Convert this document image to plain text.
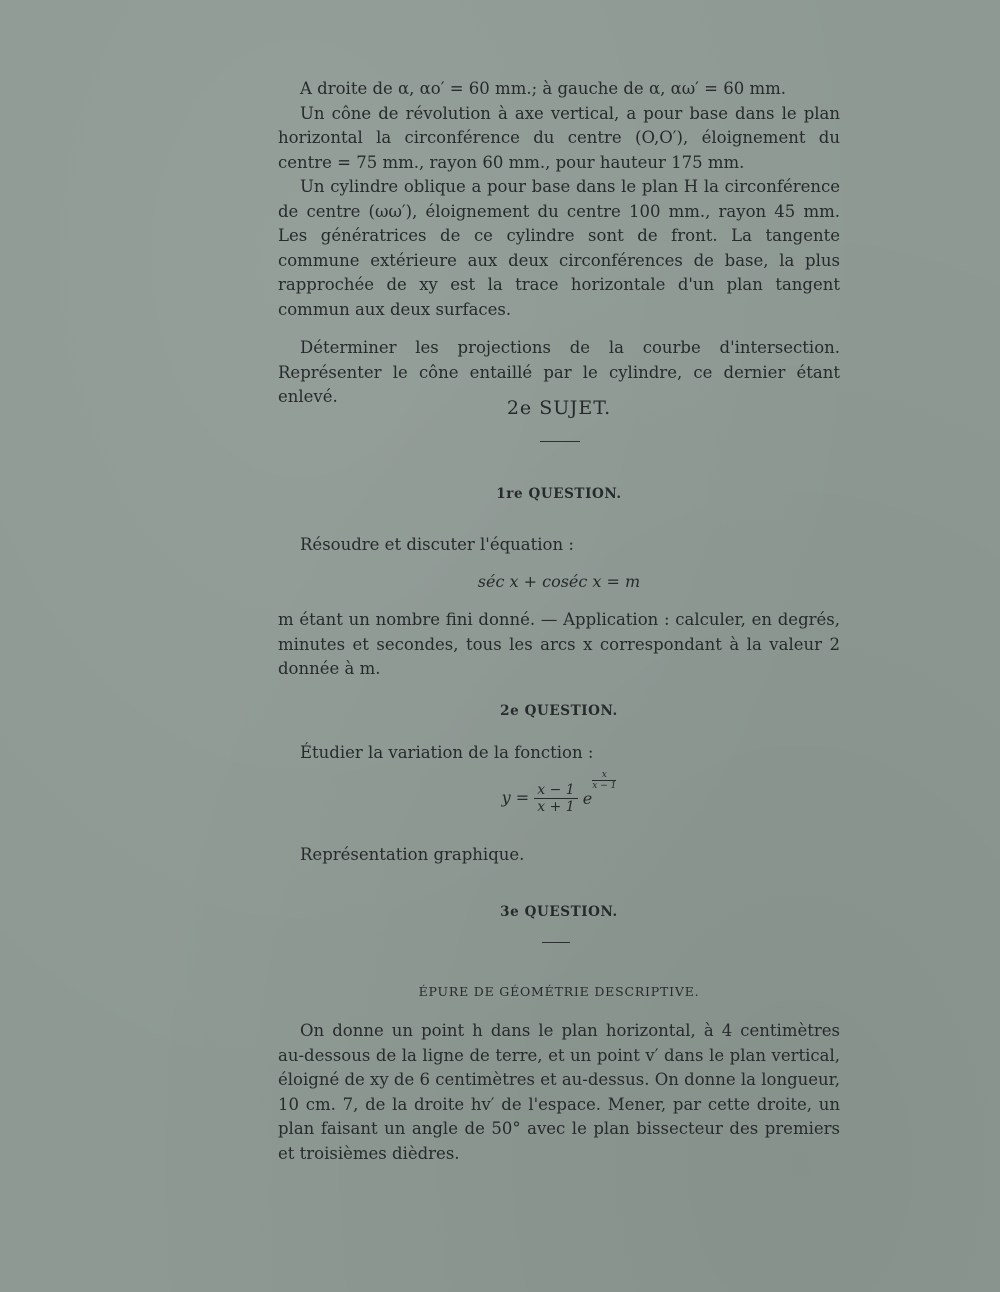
A droite de α, αo′ = 60 mm.; à gauche de α, αω′ = 60 mm.

Un cône de révolution à axe vertical, a pour base dans le plan horizontal la circonférence du centre (O,O′), éloignement du centre = 75 mm., rayon 60 mm., pour hauteur 175 mm.

Un cylindre oblique a pour base dans le plan H la circonférence de centre (ωω′), éloignement du centre 100 mm., rayon 45 mm. Les génératrices de ce cylindre sont de front. La tangente commune extérieure aux deux circonférences de base, la plus rapprochée de xy est la trace horizontale d'un plan tangent commun aux deux surfaces.

Déterminer les projections de la courbe d'intersection. Représenter le cône entaillé par le cylindre, ce dernier étant enlevé.

2e SUJET.
1re QUESTION.

Résoudre et discuter l'équation :

séc x + coséc x = m

m étant un nombre fini donné. — Application : calculer, en degrés, minutes et secondes, tous les arcs x correspondant à la valeur 2 donnée à m.

2e QUESTION.

Étudier la variation de la fonction :

$y = \frac{x - 1}{x + 1}$ e
$\frac{x}{x - 1}$

Représentation graphique.

3e QUESTION.
ÉPURE DE GÉOMÉTRIE DESCRIPTIVE.

On donne un point h dans le plan horizontal, à 4 centimètres au-dessous de la ligne de terre, et un point v′ dans le plan vertical, éloigné de xy de 6 centimètres et au-dessus. On donne la longueur, 10 cm. 7, de la droite hv′ de l'espace. Mener, par cette droite, un plan faisant un angle de 50° avec le plan bissecteur des premiers et troisièmes dièdres.
